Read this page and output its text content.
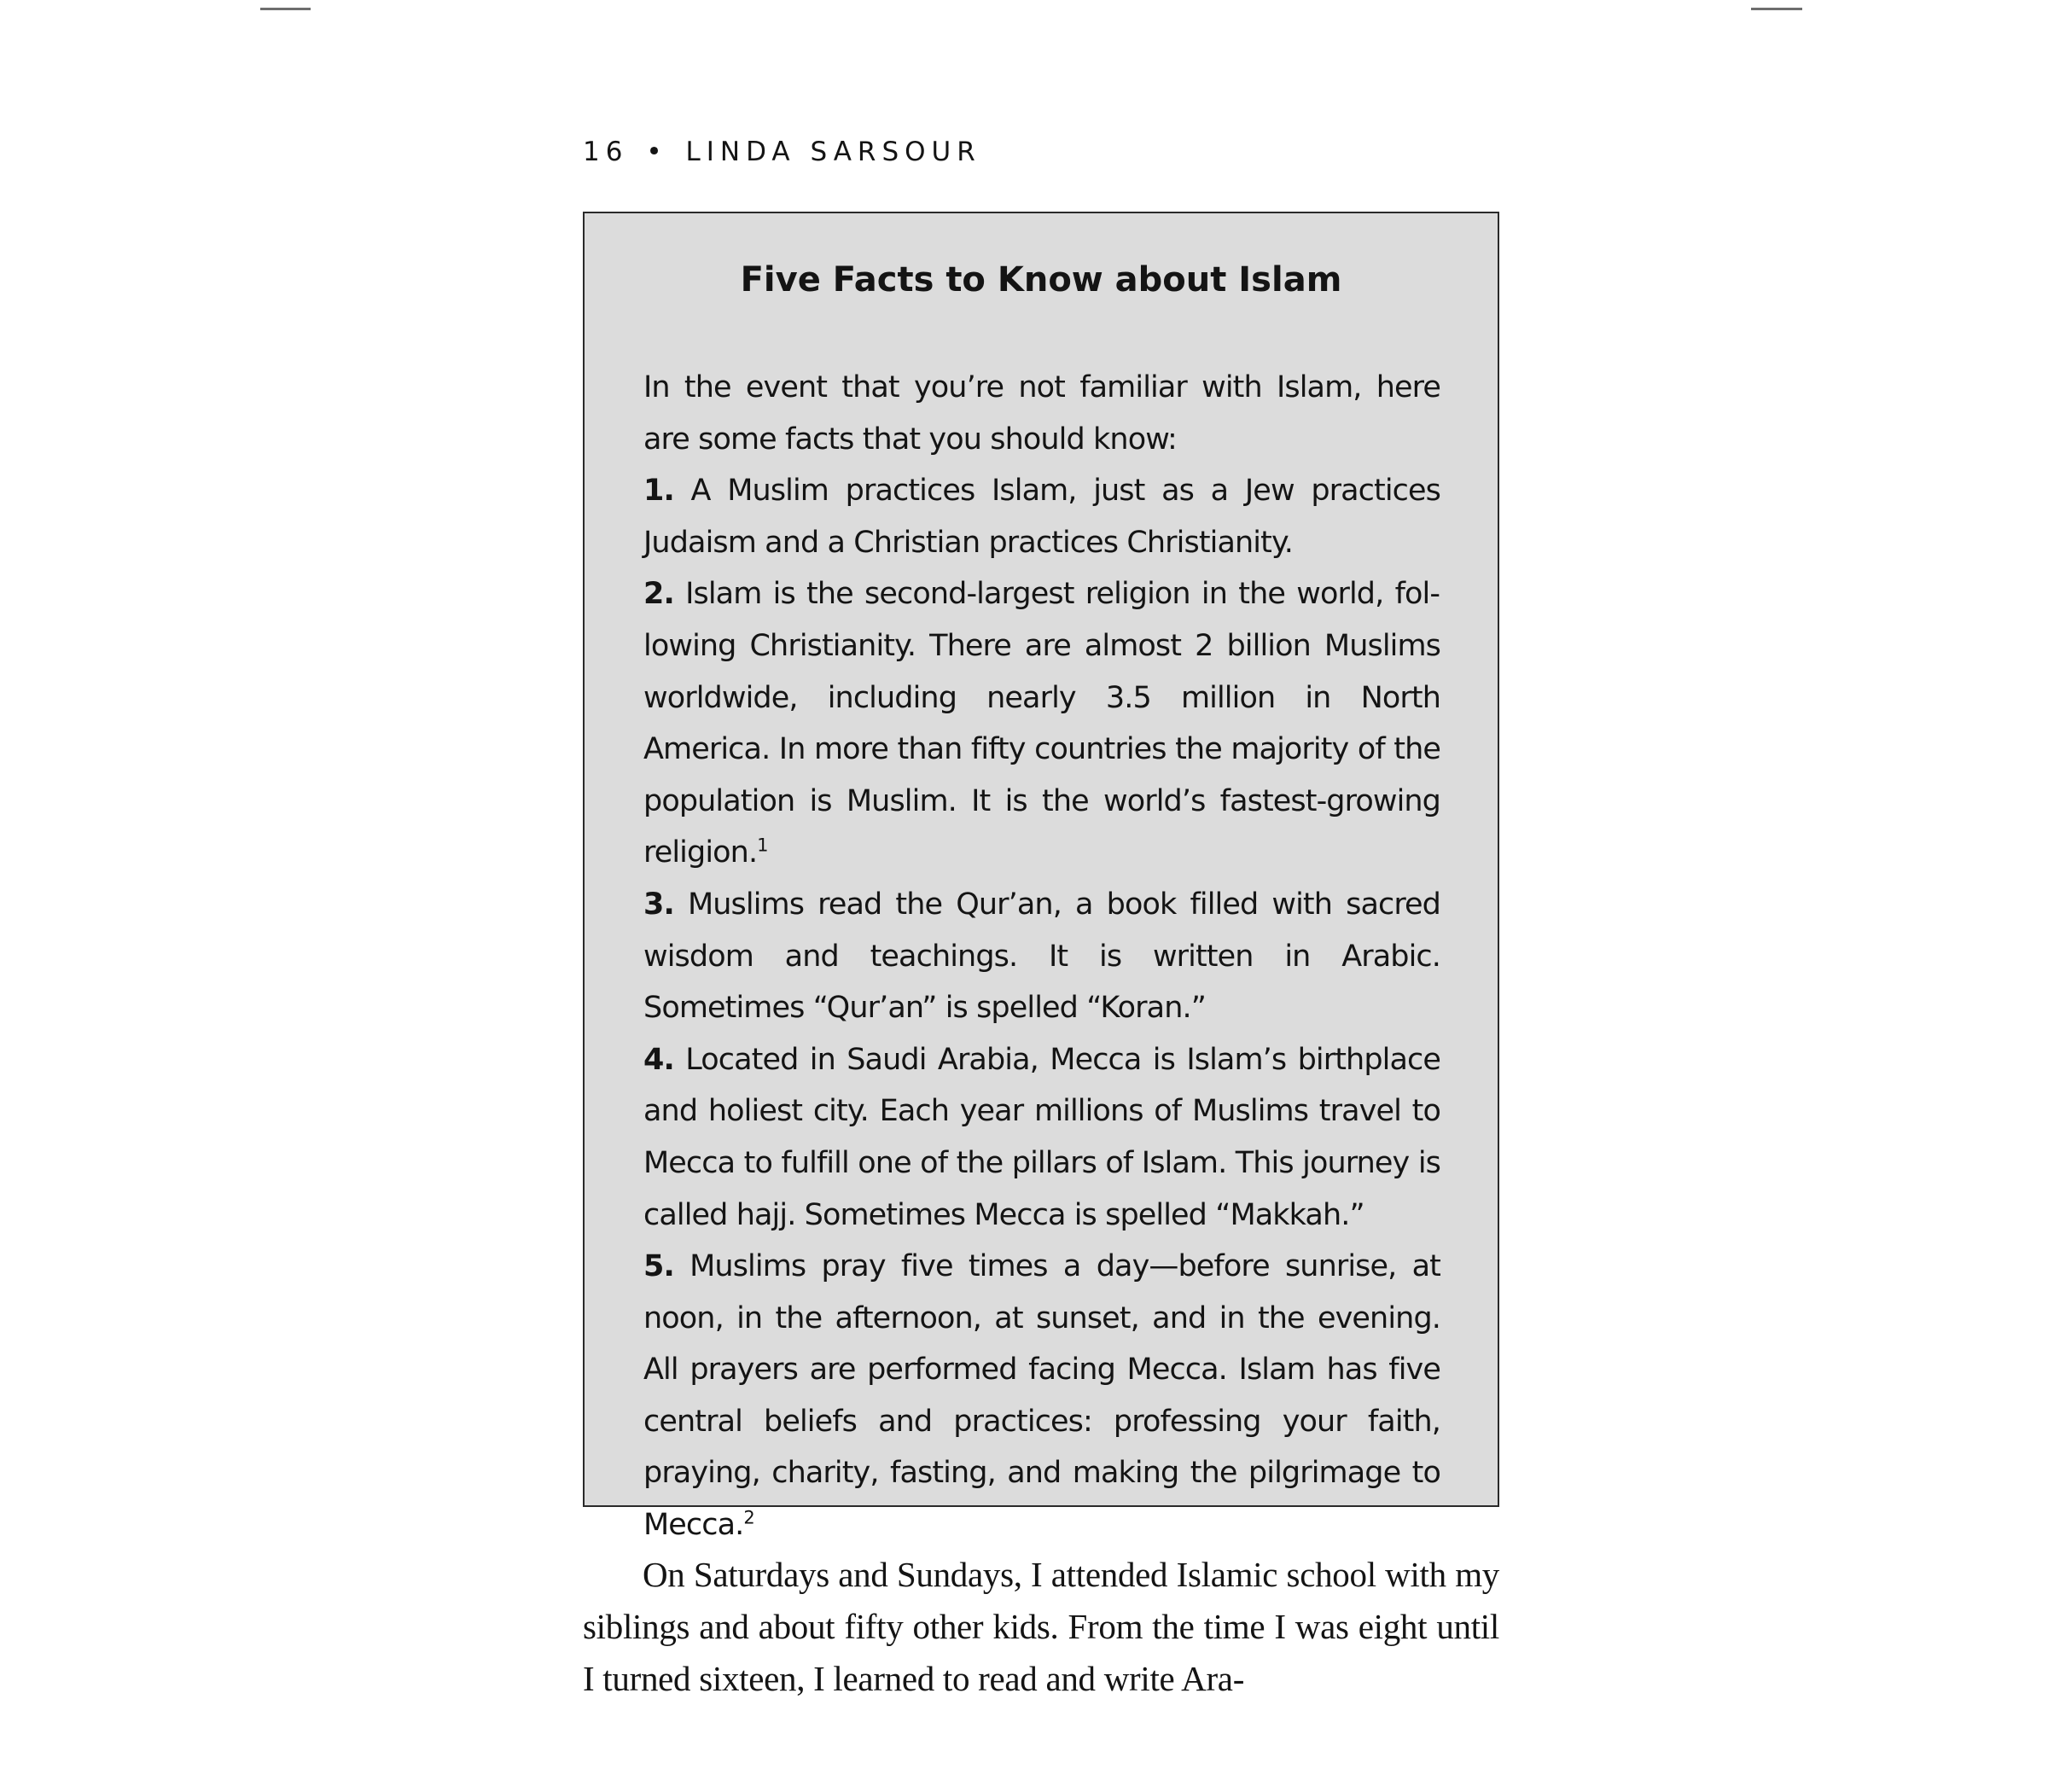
16 • LINDA SARSOUR
Five Facts to Know about Islam

In the event that you’re not familiar with Islam, here are some facts that you should know:

1. A Muslim practices Islam, just as a Jew practices Judaism and a Christian practices Christianity.

2. Islam is the second-largest religion in the world, following Christianity. There are almost 2 billion Muslims worldwide, including nearly 3.5 million in North America. In more than fifty countries the majority of the population is Muslim. It is the world’s fastest-growing religion.$^1$

3. Muslims read the Qur’an, a book filled with sacred wisdom and teachings. It is written in Arabic. Sometimes “Qur’an” is spelled “Koran.”

4. Located in Saudi Arabia, Mecca is Islam’s birthplace and holiest city. Each year millions of Muslims travel to Mecca to fulfill one of the pillars of Islam. This journey is called hajj. Sometimes Mecca is spelled “Makkah.”

5. Muslims pray five times a day—before sunrise, at noon, in the afternoon, at sunset, and in the evening. All prayers are performed facing Mecca. Islam has five central beliefs and practices: professing your faith, praying, charity, fasting, and making the pilgrimage to Mecca.$^2$

On Saturdays and Sundays, I attended Islamic school with my siblings and about fifty other kids. From the time I was eight until I turned sixteen, I learned to read and write Ara-
